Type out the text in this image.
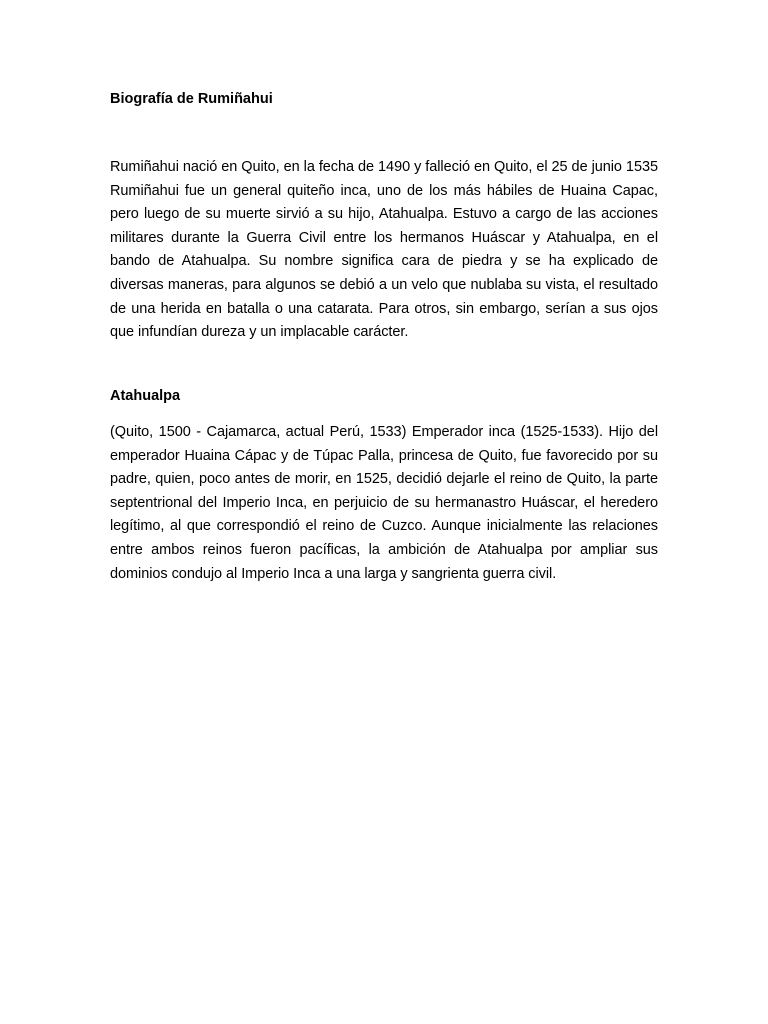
Biografía de Rumiñahui

Rumiñahui nació en Quito, en la fecha de 1490 y falleció en Quito, el 25 de junio 1535 Rumiñahui fue un general quiteño inca, uno de los más hábiles de Huaina Capac, pero luego de su muerte sirvió a su hijo, Atahualpa. Estuvo a cargo de las acciones militares durante la Guerra Civil entre los hermanos Huáscar y Atahualpa, en el bando de Atahualpa. Su nombre significa cara de piedra y se ha explicado de diversas maneras, para algunos se debió a un velo que nublaba su vista, el resultado de una herida en batalla o una catarata. Para otros, sin embargo, serían a sus ojos que infundían dureza y un implacable carácter.

Atahualpa

(Quito, 1500 - Cajamarca, actual Perú, 1533) Emperador inca (1525-1533). Hijo del emperador Huaina Cápac y de Túpac Palla, princesa de Quito, fue favorecido por su padre, quien, poco antes de morir, en 1525, decidió dejarle el reino de Quito, la parte septentrional del Imperio Inca, en perjuicio de su hermanastro Huáscar, el heredero legítimo, al que correspondió el reino de Cuzco. Aunque inicialmente las relaciones entre ambos reinos fueron pacíficas, la ambición de Atahualpa por ampliar sus dominios condujo al Imperio Inca a una larga y sangrienta guerra civil.
